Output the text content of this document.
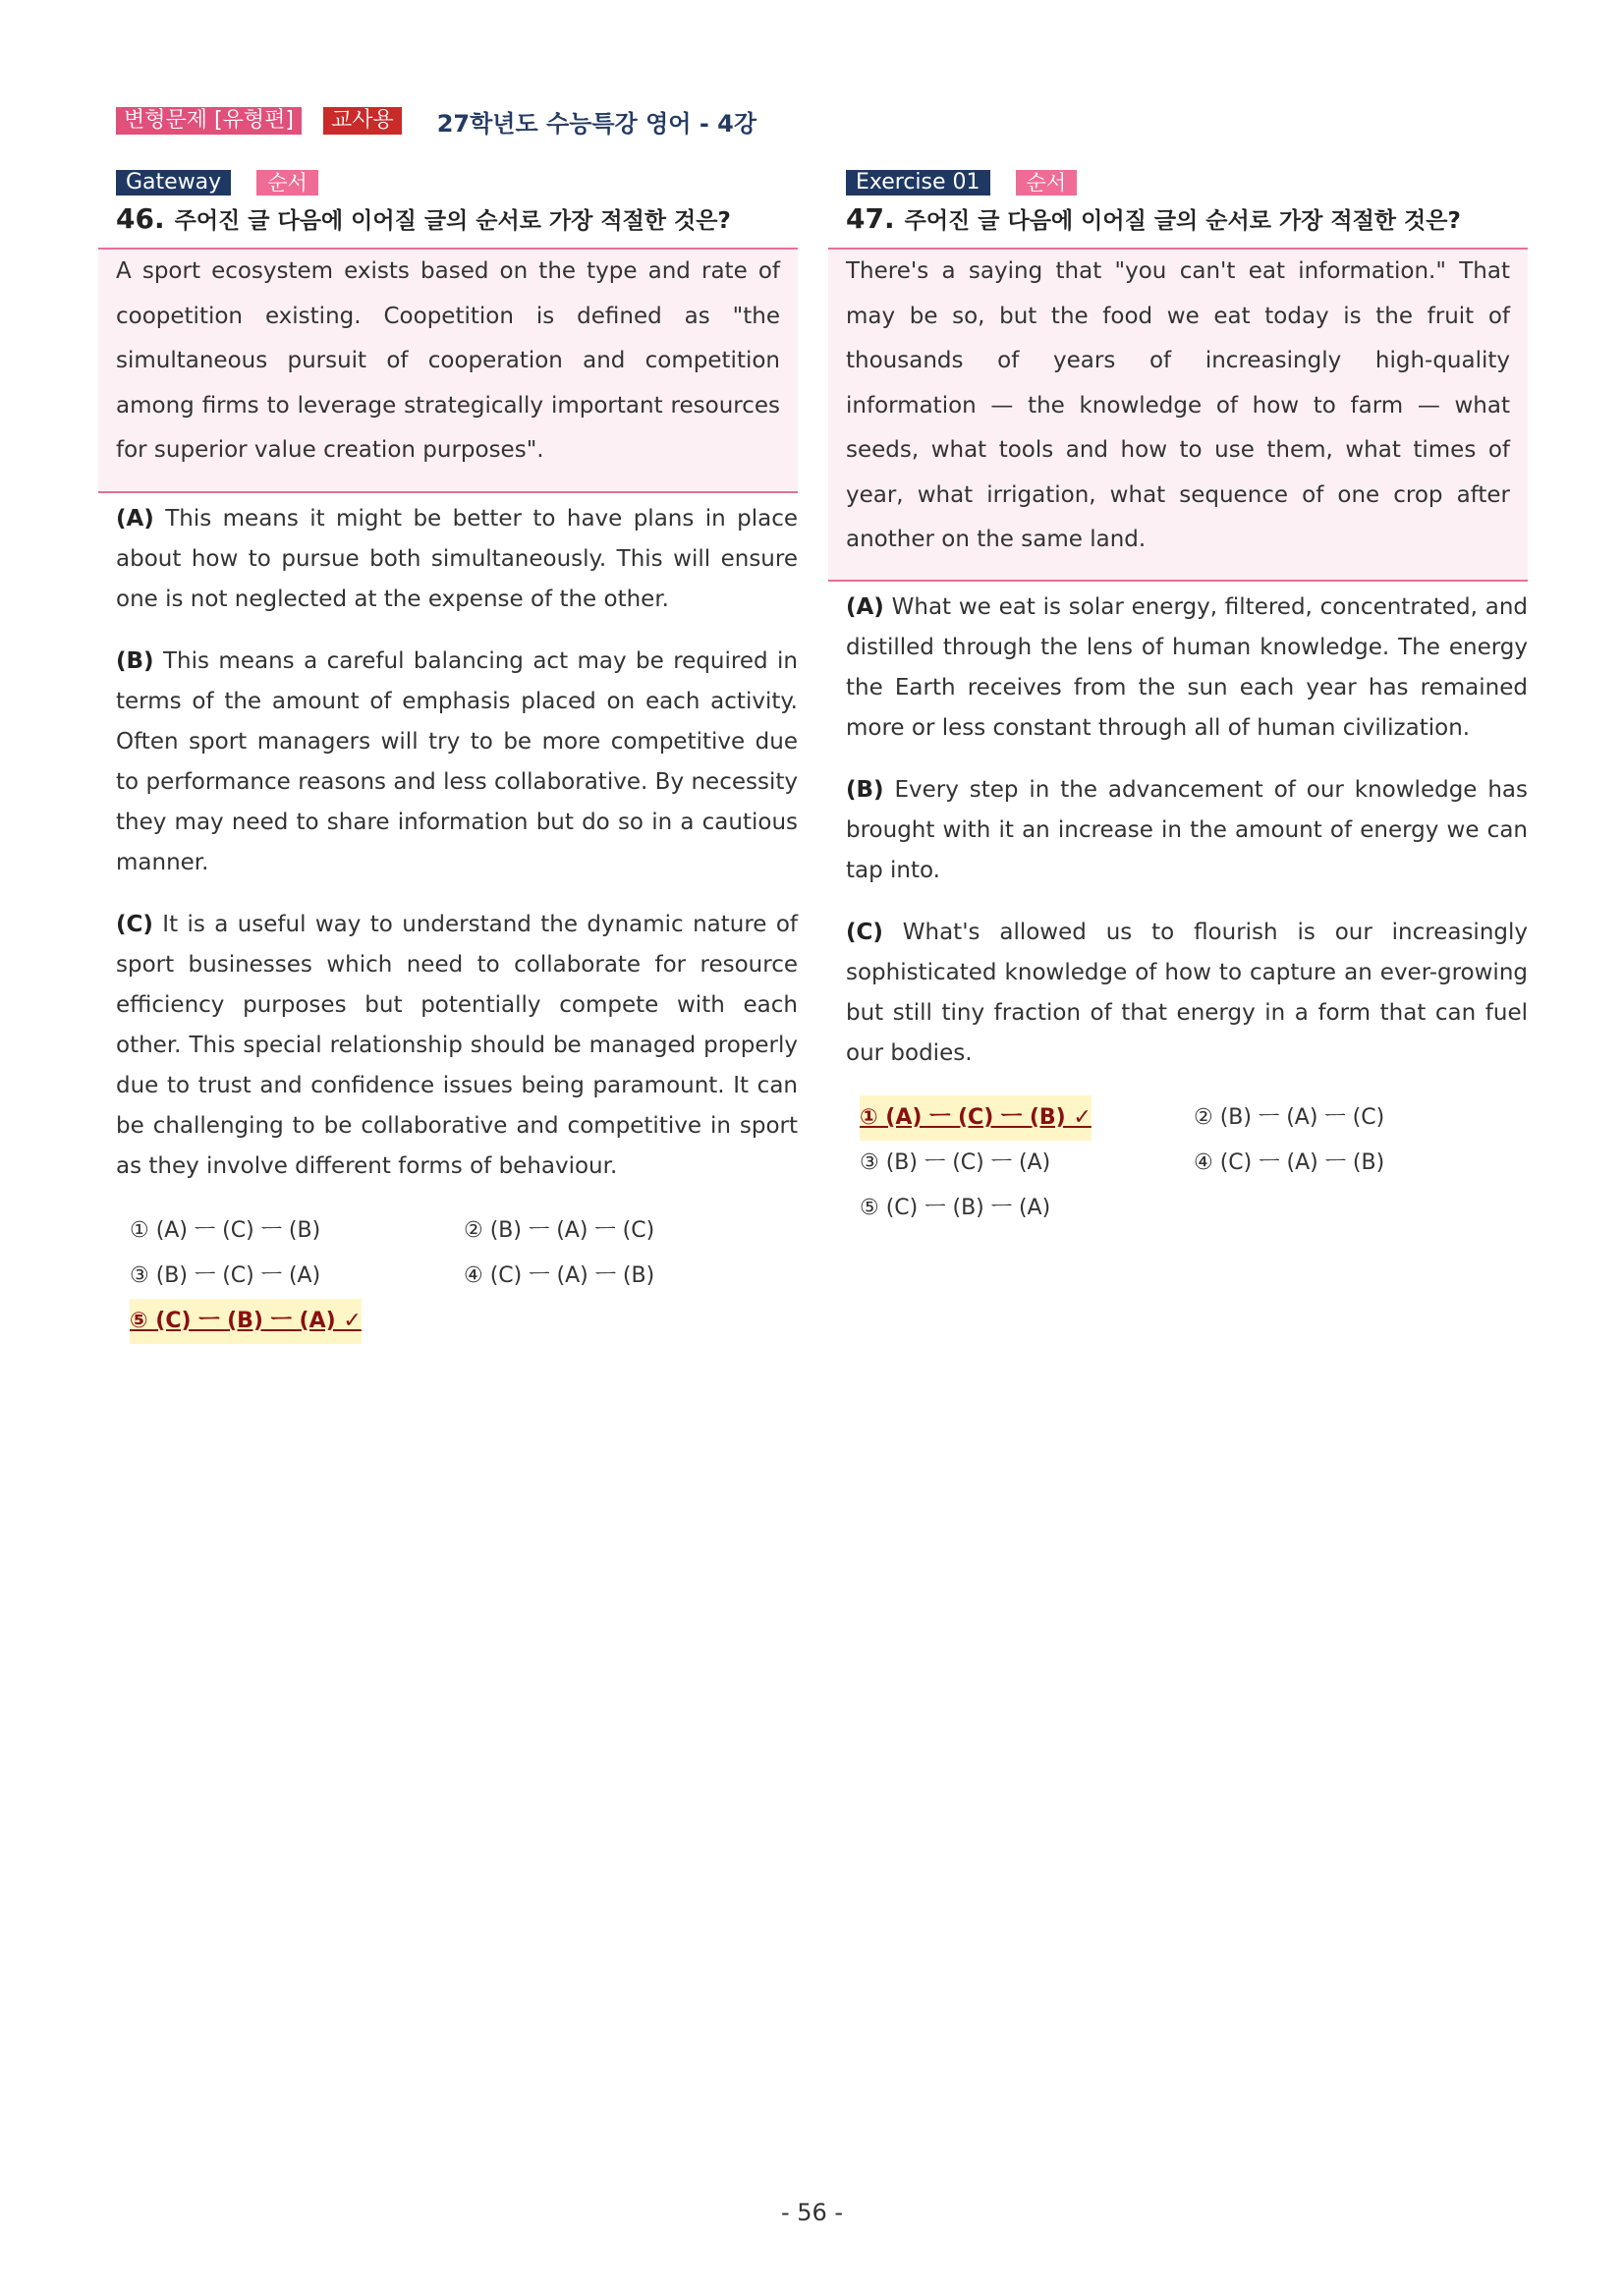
변형문제 [유형편]	교사용	27학년도 수능특강 영어 - 4강
Gateway	순서
46. 주어진 글 다음에 이어질 글의 순서로 가장 적절한 것은?
A sport ecosystem exists based on the type and rate of coopetition existing. Coopetition is defined as "the simultaneous pursuit of cooperation and competition among firms to leverage strategically important resources for superior value creation purposes".

(A) This means it might be better to have plans in place about how to pursue both simultaneously. This will ensure one is not neglected at the expense of the other.

(B) This means a careful balancing act may be required in terms of the amount of emphasis placed on each activity. Often sport managers will try to be more competitive due to performance reasons and less collaborative. By necessity they may need to share information but do so in a cautious manner.

(C) It is a useful way to understand the dynamic nature of sport businesses which need to collaborate for resource efficiency purposes but potentially compete with each other. This special relationship should be managed properly due to trust and confidence issues being paramount. It can be challenging to be collaborative and competitive in sport as they involve different forms of behaviour.

① (A) ㅡ (C) ㅡ (B)	② (B) ㅡ (A) ㅡ (C)
③ (B) ㅡ (C) ㅡ (A)	④ (C) ㅡ (A) ㅡ (B)
⑤ (C) ㅡ (B) ㅡ (A) ✓
Exercise 01	순서
47. 주어진 글 다음에 이어질 글의 순서로 가장 적절한 것은?
There's a saying that "you can't eat information." That may be so, but the food we eat today is the fruit of thousands of years of increasingly high-quality information — the knowledge of how to farm — what seeds, what tools and how to use them, what times of year, what irrigation, what sequence of one crop after another on the same land.

(A) What we eat is solar energy, filtered, concentrated, and distilled through the lens of human knowledge. The energy the Earth receives from the sun each year has remained more or less constant through all of human civilization.

(B) Every step in the advancement of our knowledge has brought with it an increase in the amount of energy we can tap into.

(C) What's allowed us to flourish is our increasingly sophisticated knowledge of how to capture an ever-growing but still tiny fraction of that energy in a form that can fuel our bodies.

① (A) ㅡ (C) ㅡ (B) ✓	② (B) ㅡ (A) ㅡ (C)
③ (B) ㅡ (C) ㅡ (A)	④ (C) ㅡ (A) ㅡ (B)
⑤ (C) ㅡ (B) ㅡ (A)
- 56 -
